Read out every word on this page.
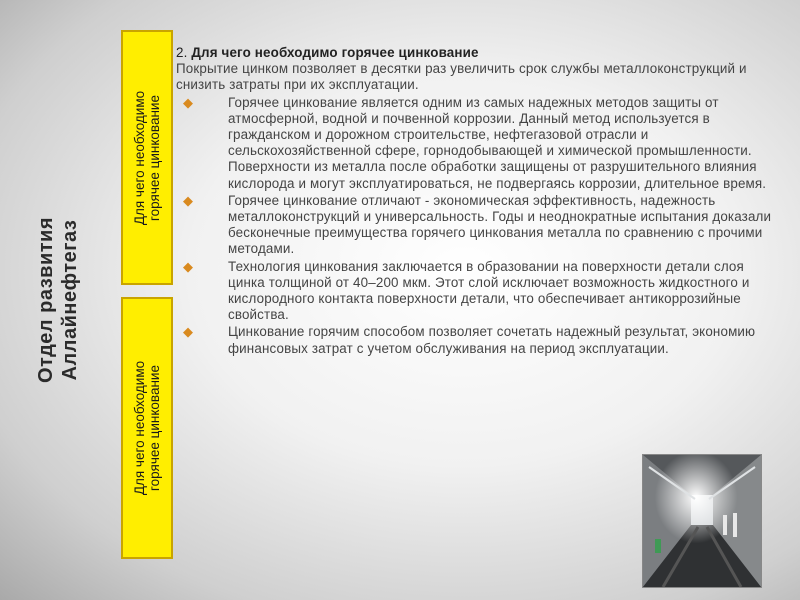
Отдел развития Аллайнефтегаз
Для чего необходимо горячее цинкование
Для чего необходимо горячее цинкование

2. Для чего необходимо горячее цинкование

Покрытие цинком позволяет в десятки раз увеличить срок службы металлоконструкций и снизить затраты при их эксплуатации.

◆	Горячее цинкование является одним из самых надежных методов защиты от атмосферной, водной и почвенной коррозии. Данный метод используется в гражданском и дорожном строительстве, нефтегазовой отрасли и сельскохозяйственной сфере, горнодобывающей и химической промышленности. Поверхности из металла после обработки защищены от разрушительного влияния кислорода и могут эксплуатироваться, не подвергаясь коррозии, длительное время.

◆	Горячее цинкование отличают - экономическая эффективность, надежность металлоконструкций и универсальность. Годы и неоднократные испытания доказали бесконечные преимущества горячего цинкования металла по сравнению с прочими методами.

◆	Технология цинкования заключается в образовании на поверхности детали слоя цинка толщиной от 40–200 мкм. Этот слой исключает возможность жидкостного и кислородного контакта поверхности детали, что обеспечивает антикоррозийные свойства.

◆	Цинкование горячим способом позволяет сочетать надежный результат, экономию финансовых затрат с учетом обслуживания на период эксплуатации.
